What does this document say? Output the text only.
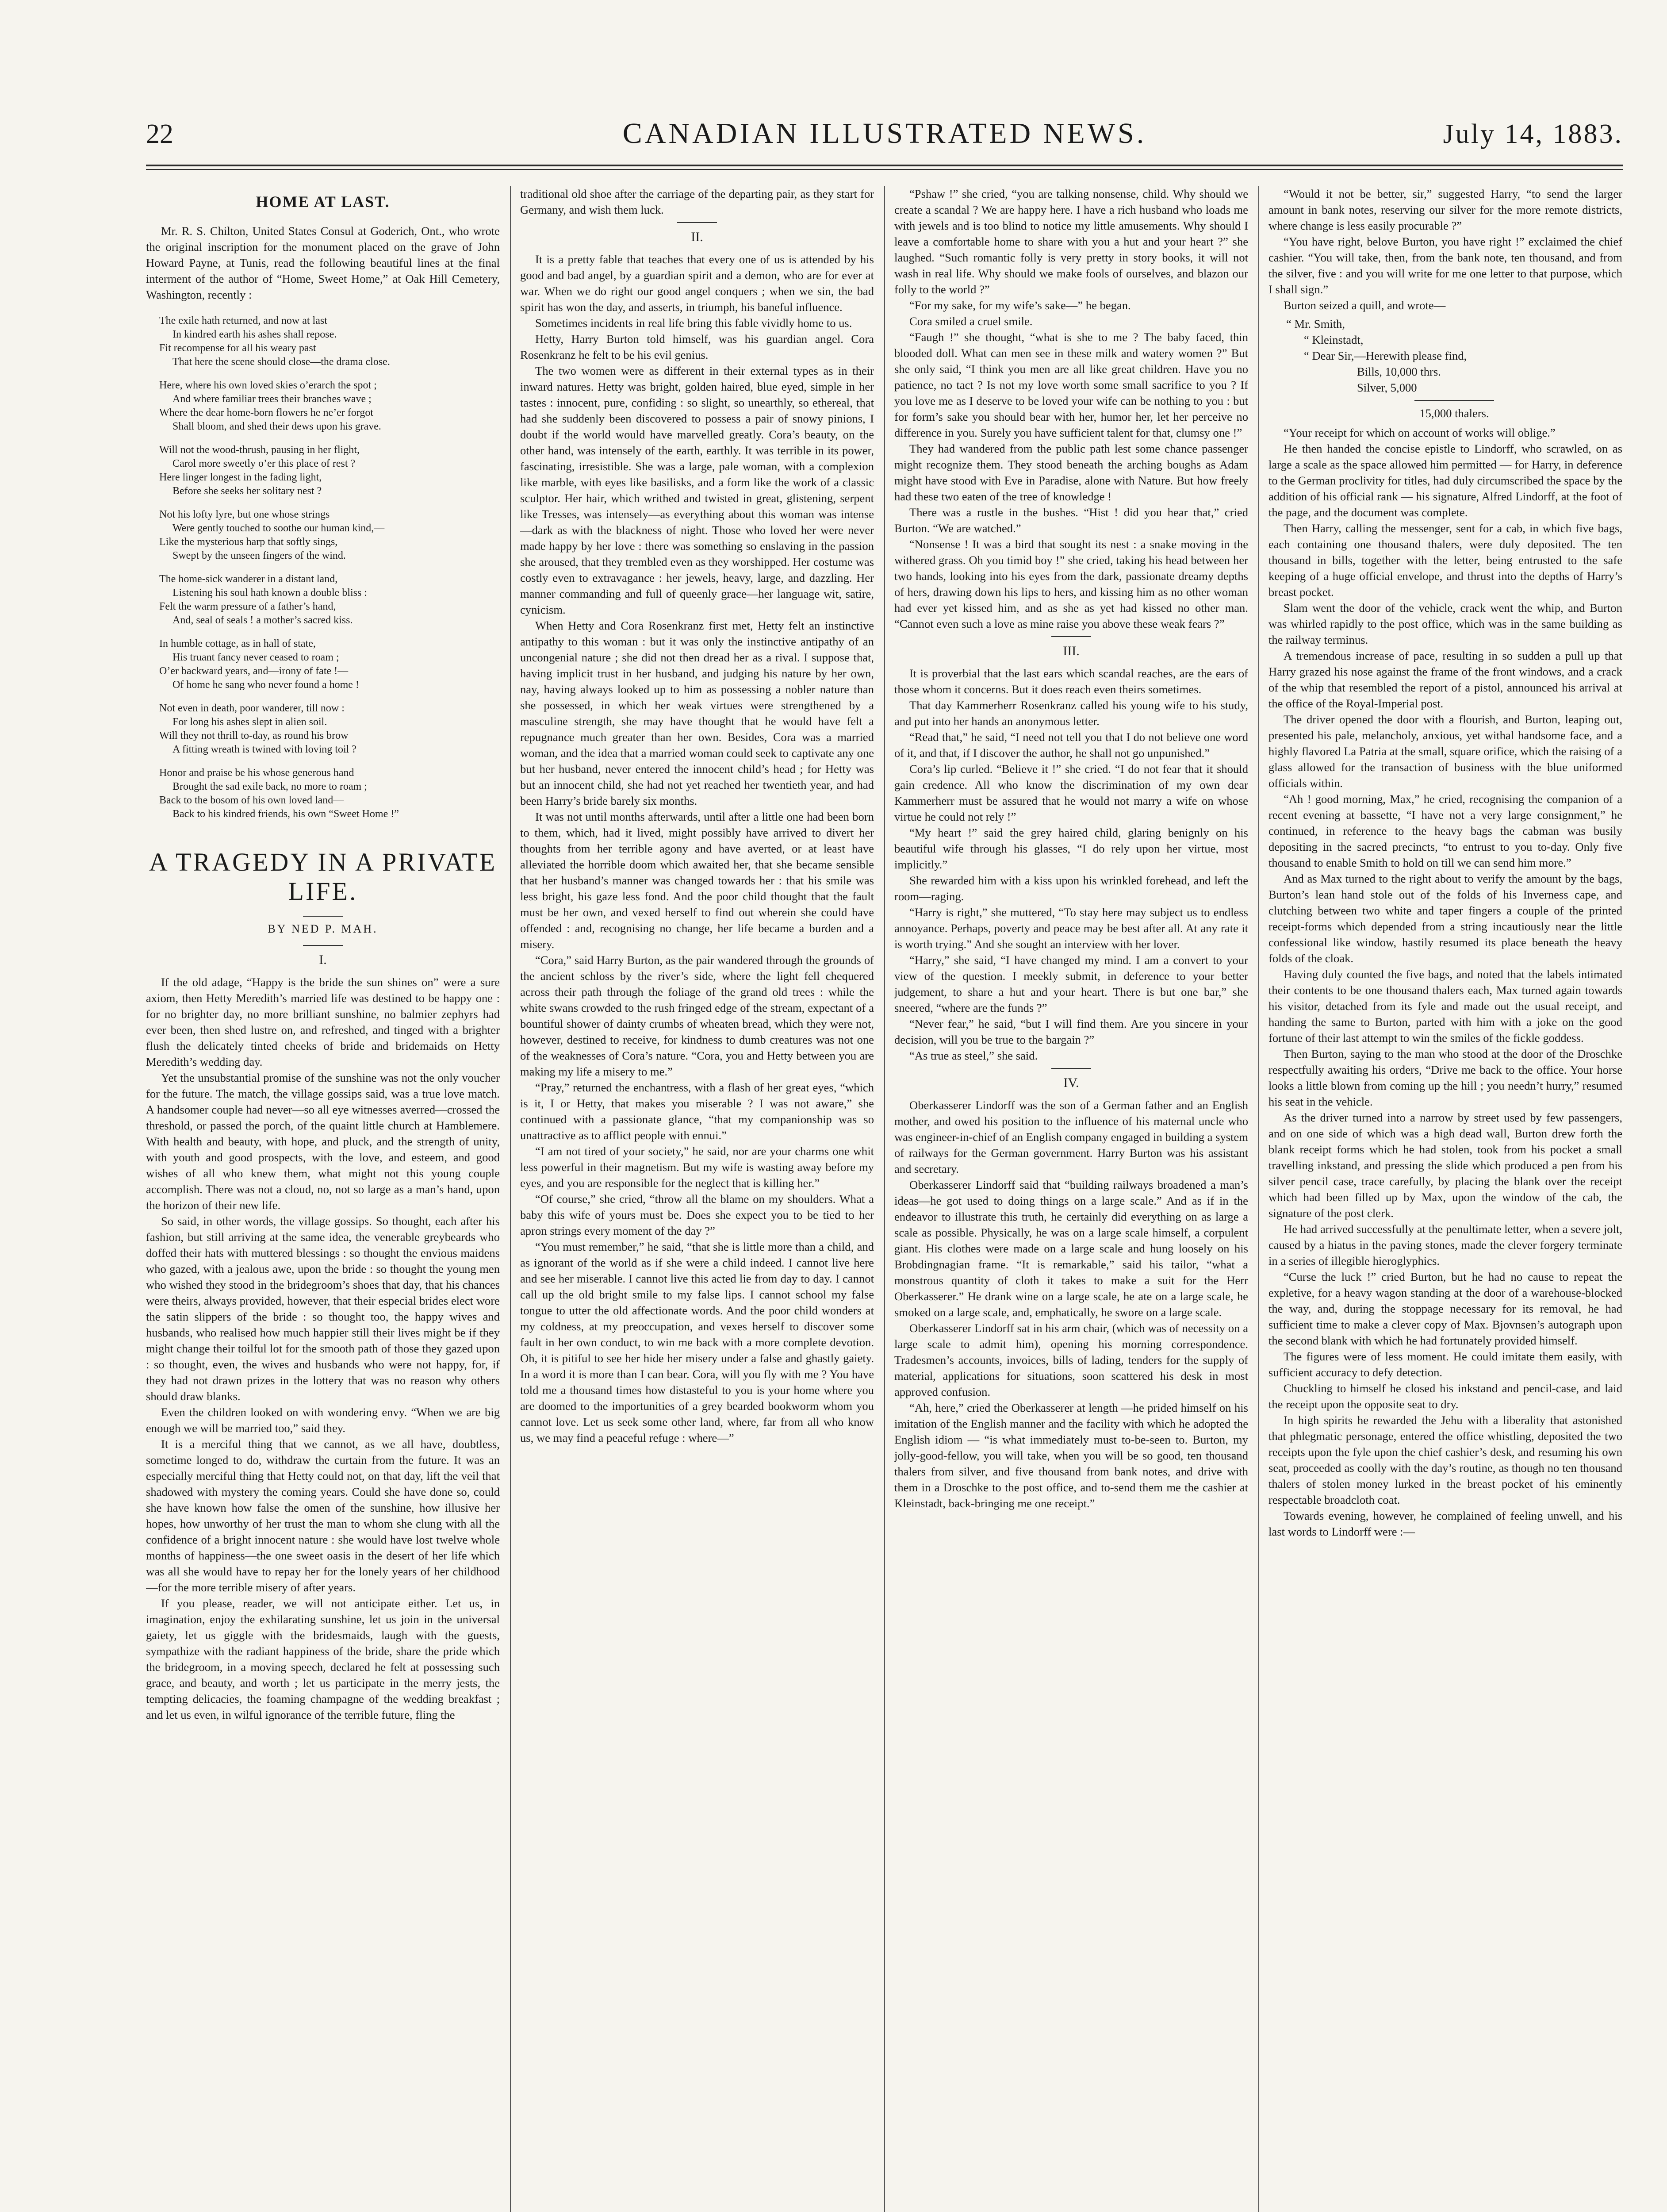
22	CANADIAN ILLUSTRATED NEWS.	July 14, 1883.
HOME AT LAST.

Mr. R. S. Chilton, United States Consul at Goderich, Ont., who wrote the original inscription for the monument placed on the grave of John Howard Payne, at Tunis, read the following beautiful lines at the final interment of the author of “Home, Sweet Home,” at Oak Hill Cemetery, Washington, recently :

The exile hath returned, and now at last
In kindred earth his ashes shall repose.
Fit recompense for all his weary past
That here the scene should close—the drama close.
Here, where his own loved skies o’erarch the spot ;
And where familiar trees their branches wave ;
Where the dear home-born flowers he ne’er forgot
Shall bloom, and shed their dews upon his grave.
Will not the wood-thrush, pausing in her flight,
Carol more sweetly o’er this place of rest ?
Here linger longest in the fading light,
Before she seeks her solitary nest ?
Not his lofty lyre, but one whose strings
Were gently touched to soothe our human kind,—
Like the mysterious harp that softly sings,
Swept by the unseen fingers of the wind.
The home-sick wanderer in a distant land,
Listening his soul hath known a double bliss :
Felt the warm pressure of a father’s hand,
And, seal of seals ! a mother’s sacred kiss.
In humble cottage, as in hall of state,
His truant fancy never ceased to roam ;
O’er backward years, and—irony of fate !—
Of home he sang who never found a home !
Not even in death, poor wanderer, till now :
For long his ashes slept in alien soil.
Will they not thrill to-day, as round his brow
A fitting wreath is twined with loving toil ?
Honor and praise be his whose generous hand
Brought the sad exile back, no more to roam ;
Back to the bosom of his own loved land—
Back to his kindred friends, his own “Sweet Home !”
A TRAGEDY IN A PRIVATE LIFE.
BY NED P. MAH.
I.

If the old adage, “Happy is the bride the sun shines on” were a sure axiom, then Hetty Meredith’s married life was destined to be happy one : for no brighter day, no more brilliant sunshine, no balmier zephyrs had ever been, then shed lustre on, and refreshed, and tinged with a brighter flush the delicately tinted cheeks of bride and bridemaids on Hetty Meredith’s wedding day.

Yet the unsubstantial promise of the sunshine was not the only voucher for the future. The match, the village gossips said, was a true love match. A handsomer couple had never—so all eye witnesses averred—crossed the threshold, or passed the porch, of the quaint little church at Hamblemere. With health and beauty, with hope, and pluck, and the strength of unity, with youth and good prospects, with the love, and esteem, and good wishes of all who knew them, what might not this young couple accomplish. There was not a cloud, no, not so large as a man’s hand, upon the horizon of their new life.

So said, in other words, the village gossips. So thought, each after his fashion, but still arriving at the same idea, the venerable greybeards who doffed their hats with muttered blessings : so thought the envious maidens who gazed, with a jealous awe, upon the bride : so thought the young men who wished they stood in the bridegroom’s shoes that day, that his chances were theirs, always provided, however, that their especial brides elect wore the satin slippers of the bride : so thought too, the happy wives and husbands, who realised how much happier still their lives might be if they might change their toilful lot for the smooth path of those they gazed upon : so thought, even, the wives and husbands who were not happy, for, if they had not drawn prizes in the lottery that was no reason why others should draw blanks.

Even the children looked on with wondering envy. “When we are big enough we will be married too,” said they.

It is a merciful thing that we cannot, as we all have, doubtless, sometime longed to do, withdraw the curtain from the future. It was an especially merciful thing that Hetty could not, on that day, lift the veil that shadowed with mystery the coming years. Could she have done so, could she have known how false the omen of the sunshine, how illusive her hopes, how unworthy of her trust the man to whom she clung with all the confidence of a bright innocent nature : she would have lost twelve whole months of happiness—the one sweet oasis in the desert of her life which was all she would have to repay her for the lonely years of her childhood—for the more terrible misery of after years.

If you please, reader, we will not anticipate either. Let us, in imagination, enjoy the exhilarating sunshine, let us join in the universal gaiety, let us giggle with the bridesmaids, laugh with the guests, sympathize with the radiant happiness of the bride, share the pride which the bridegroom, in a moving speech, declared he felt at possessing such grace, and beauty, and worth ; let us participate in the merry jests, the tempting delicacies, the foaming champagne of the wedding breakfast ; and let us even, in wilful ignorance of the terrible future, fling the

traditional old shoe after the carriage of the departing pair, as they start for Germany, and wish them luck.

II.

It is a pretty fable that teaches that every one of us is attended by his good and bad angel, by a guardian spirit and a demon, who are for ever at war. When we do right our good angel conquers ; when we sin, the bad spirit has won the day, and asserts, in triumph, his baneful influence.

Sometimes incidents in real life bring this fable vividly home to us.

Hetty, Harry Burton told himself, was his guardian angel. Cora Rosenkranz he felt to be his evil genius.

The two women were as different in their external types as in their inward natures. Hetty was bright, golden haired, blue eyed, simple in her tastes : innocent, pure, confiding : so slight, so unearthly, so ethereal, that had she suddenly been discovered to possess a pair of snowy pinions, I doubt if the world would have marvelled greatly. Cora’s beauty, on the other hand, was intensely of the earth, earthly. It was terrible in its power, fascinating, irresistible. She was a large, pale woman, with a complexion like marble, with eyes like basilisks, and a form like the work of a classic sculptor. Her hair, which writhed and twisted in great, glistening, serpent like Tresses, was intensely—as everything about this woman was intense—dark as with the blackness of night. Those who loved her were never made happy by her love : there was something so enslaving in the passion she aroused, that they trembled even as they worshipped. Her costume was costly even to extravagance : her jewels, heavy, large, and dazzling. Her manner commanding and full of queenly grace—her language wit, satire, cynicism.

When Hetty and Cora Rosenkranz first met, Hetty felt an instinctive antipathy to this woman : but it was only the instinctive antipathy of an uncongenial nature ; she did not then dread her as a rival. I suppose that, having implicit trust in her husband, and judging his nature by her own, nay, having always looked up to him as possessing a nobler nature than she possessed, in which her weak virtues were strengthened by a masculine strength, she may have thought that he would have felt a repugnance much greater than her own. Besides, Cora was a married woman, and the idea that a married woman could seek to captivate any one but her husband, never entered the innocent child’s head ; for Hetty was but an innocent child, she had not yet reached her twentieth year, and had been Harry’s bride barely six months.

It was not until months afterwards, until after a little one had been born to them, which, had it lived, might possibly have arrived to divert her thoughts from her terrible agony and have averted, or at least have alleviated the horrible doom which awaited her, that she became sensible that her husband’s manner was changed towards her : that his smile was less bright, his gaze less fond. And the poor child thought that the fault must be her own, and vexed herself to find out wherein she could have offended : and, recognising no change, her life became a burden and a misery.

“Cora,” said Harry Burton, as the pair wandered through the grounds of the ancient schloss by the river’s side, where the light fell chequered across their path through the foliage of the grand old trees : while the white swans crowded to the rush fringed edge of the stream, expectant of a bountiful shower of dainty crumbs of wheaten bread, which they were not, however, destined to receive, for kindness to dumb creatures was not one of the weaknesses of Cora’s nature. “Cora, you and Hetty between you are making my life a misery to me.”

“Pray,” returned the enchantress, with a flash of her great eyes, “which is it, I or Hetty, that makes you miserable ? I was not aware,” she continued with a passionate glance, “that my companionship was so unattractive as to afflict people with ennui.”

“I am not tired of your society,” he said, nor are your charms one whit less powerful in their magnetism. But my wife is wasting away before my eyes, and you are responsible for the neglect that is killing her.”

“Of course,” she cried, “throw all the blame on my shoulders. What a baby this wife of yours must be. Does she expect you to be tied to her apron strings every moment of the day ?”

“You must remember,” he said, “that she is little more than a child, and as ignorant of the world as if she were a child indeed. I cannot live here and see her miserable. I cannot live this acted lie from day to day. I cannot call up the old bright smile to my false lips. I cannot school my false tongue to utter the old affectionate words. And the poor child wonders at my coldness, at my preoccupation, and vexes herself to discover some fault in her own conduct, to win me back with a more complete devotion. Oh, it is pitiful to see her hide her misery under a false and ghastly gaiety. In a word it is more than I can bear. Cora, will you fly with me ? You have told me a thousand times how distasteful to you is your home where you are doomed to the importunities of a grey bearded bookworm whom you cannot love. Let us seek some other land, where, far from all who know us, we may find a peaceful refuge : where—”

“Pshaw !” she cried, “you are talking nonsense, child. Why should we create a scandal ? We are happy here. I have a rich husband who loads me with jewels and is too blind to notice my little amusements. Why should I leave a comfortable home to share with you a hut and your heart ?” she laughed. “Such romantic folly is very pretty in story books, it will not wash in real life. Why should we make fools of ourselves, and blazon our folly to the world ?”

“For my sake, for my wife’s sake—” he began.

Cora smiled a cruel smile.

“Faugh !” she thought, “what is she to me ? The baby faced, thin blooded doll. What can men see in these milk and watery women ?” But she only said, “I think you men are all like great children. Have you no patience, no tact ? Is not my love worth some small sacrifice to you ? If you love me as I deserve to be loved your wife can be nothing to you : but for form’s sake you should bear with her, humor her, let her perceive no difference in you. Surely you have sufficient talent for that, clumsy one !”

They had wandered from the public path lest some chance passenger might recognize them. They stood beneath the arching boughs as Adam might have stood with Eve in Paradise, alone with Nature. But how freely had these two eaten of the tree of knowledge !

There was a rustle in the bushes. “Hist ! did you hear that,” cried Burton. “We are watched.”

“Nonsense ! It was a bird that sought its nest : a snake moving in the withered grass. Oh you timid boy !” she cried, taking his head between her two hands, looking into his eyes from the dark, passionate dreamy depths of hers, drawing down his lips to hers, and kissing him as no other woman had ever yet kissed him, and as she as yet had kissed no other man. “Cannot even such a love as mine raise you above these weak fears ?”

III.

It is proverbial that the last ears which scandal reaches, are the ears of those whom it concerns. But it does reach even theirs sometimes.

That day Kammerherr Rosenkranz called his young wife to his study, and put into her hands an anonymous letter.

“Read that,” he said, “I need not tell you that I do not believe one word of it, and that, if I discover the author, he shall not go unpunished.”

Cora’s lip curled. “Believe it !” she cried. “I do not fear that it should gain credence. All who know the discrimination of my own dear Kammerherr must be assured that he would not marry a wife on whose virtue he could not rely !”

“My heart !” said the grey haired child, glaring benignly on his beautiful wife through his glasses, “I do rely upon her virtue, most implicitly.”

She rewarded him with a kiss upon his wrinkled forehead, and left the room—raging.

“Harry is right,” she muttered, “To stay here may subject us to endless annoyance. Perhaps, poverty and peace may be best after all. At any rate it is worth trying.” And she sought an interview with her lover.

“Harry,” she said, “I have changed my mind. I am a convert to your view of the question. I meekly submit, in deference to your better judgement, to share a hut and your heart. There is but one bar,” she sneered, “where are the funds ?”

“Never fear,” he said, “but I will find them. Are you sincere in your decision, will you be true to the bargain ?”

“As true as steel,” she said.

IV.

Oberkasserer Lindorff was the son of a German father and an English mother, and owed his position to the influence of his maternal uncle who was engineer-in-chief of an English company engaged in building a system of railways for the German government. Harry Burton was his assistant and secretary.

Oberkasserer Lindorff said that “building railways broadened a man’s ideas—he got used to doing things on a large scale.” And as if in the endeavor to illustrate this truth, he certainly did everything on as large a scale as possible. Physically, he was on a large scale himself, a corpulent giant. His clothes were made on a large scale and hung loosely on his Brobdingnagian frame. “It is remarkable,” said his tailor, “what a monstrous quantity of cloth it takes to make a suit for the Herr Oberkasserer.” He drank wine on a large scale, he ate on a large scale, he smoked on a large scale, and, emphatically, he swore on a large scale.

Oberkasserer Lindorff sat in his arm chair, (which was of necessity on a large scale to admit him), opening his morning correspondence. Tradesmen’s accounts, invoices, bills of lading, tenders for the supply of material, applications for situations, soon scattered his desk in most approved confusion.

“Ah, here,” cried the Oberkasserer at length —he prided himself on his imitation of the English manner and the facility with which he adopted the English idiom — “is what immediately must to-be-seen to. Burton, my jolly-good-fellow, you will take, when you will be so good, ten thousand thalers from silver, and five thousand from bank notes, and drive with them in a Droschke to the post office, and to-send them me the cashier at Kleinstadt, back-bringing me one receipt.”

“Would it not be better, sir,” suggested Harry, “to send the larger amount in bank notes, reserving our silver for the more remote districts, where change is less easily procurable ?”

“You have right, belove Burton, you have right !” exclaimed the chief cashier. “You will take, then, from the bank note, ten thousand, and from the silver, five : and you will write for me one letter to that purpose, which I shall sign.”

Burton seized a quill, and wrote—

“ Mr. Smith,
“ Kleinstadt,
“ Dear Sir,—Herewith please find,
Bills, 10,000 thrs.
Silver, 5,000
15,000 thalers.

“Your receipt for which on account of works will oblige.”

He then handed the concise epistle to Lindorff, who scrawled, on as large a scale as the space allowed him permitted — for Harry, in deference to the German proclivity for titles, had duly circumscribed the space by the addition of his official rank — his signature, Alfred Lindorff, at the foot of the page, and the document was complete.

Then Harry, calling the messenger, sent for a cab, in which five bags, each containing one thousand thalers, were duly deposited. The ten thousand in bills, together with the letter, being entrusted to the safe keeping of a huge official envelope, and thrust into the depths of Harry’s breast pocket.

Slam went the door of the vehicle, crack went the whip, and Burton was whirled rapidly to the post office, which was in the same building as the railway terminus.

A tremendous increase of pace, resulting in so sudden a pull up that Harry grazed his nose against the frame of the front windows, and a crack of the whip that resembled the report of a pistol, announced his arrival at the office of the Royal-Imperial post.

The driver opened the door with a flourish, and Burton, leaping out, presented his pale, melancholy, anxious, yet withal handsome face, and a highly flavored La Patria at the small, square orifice, which the raising of a glass allowed for the transaction of business with the blue uniformed officials within.

“Ah ! good morning, Max,” he cried, recognising the companion of a recent evening at bassette, “I have not a very large consignment,” he continued, in reference to the heavy bags the cabman was busily depositing in the sacred precincts, “to entrust to you to-day. Only five thousand to enable Smith to hold on till we can send him more.”

And as Max turned to the right about to verify the amount by the bags, Burton’s lean hand stole out of the folds of his Inverness cape, and clutching between two white and taper fingers a couple of the printed receipt-forms which depended from a string incautiously near the little confessional like window, hastily resumed its place beneath the heavy folds of the cloak.

Having duly counted the five bags, and noted that the labels intimated their contents to be one thousand thalers each, Max turned again towards his visitor, detached from its fyle and made out the usual receipt, and handing the same to Burton, parted with him with a joke on the good fortune of their last attempt to win the smiles of the fickle goddess.

Then Burton, saying to the man who stood at the door of the Droschke respectfully awaiting his orders, “Drive me back to the office. Your horse looks a little blown from coming up the hill ; you needn’t hurry,” resumed his seat in the vehicle.

As the driver turned into a narrow by street used by few passengers, and on one side of which was a high dead wall, Burton drew forth the blank receipt forms which he had stolen, took from his pocket a small travelling inkstand, and pressing the slide which produced a pen from his silver pencil case, trace carefully, by placing the blank over the receipt which had been filled up by Max, upon the window of the cab, the signature of the post clerk.

He had arrived successfully at the penultimate letter, when a severe jolt, caused by a hiatus in the paving stones, made the clever forgery terminate in a series of illegible hieroglyphics.

“Curse the luck !” cried Burton, but he had no cause to repeat the expletive, for a heavy wagon standing at the door of a warehouse-blocked the way, and, during the stoppage necessary for its removal, he had sufficient time to make a clever copy of Max. Bjovnsen’s autograph upon the second blank with which he had fortunately provided himself.

The figures were of less moment. He could imitate them easily, with sufficient accuracy to defy detection.

Chuckling to himself he closed his inkstand and pencil-case, and laid the receipt upon the opposite seat to dry.

In high spirits he rewarded the Jehu with a liberality that astonished that phlegmatic personage, entered the office whistling, deposited the two receipts upon the fyle upon the chief cashier’s desk, and resuming his own seat, proceeded as coolly with the day’s routine, as though no ten thousand thalers of stolen money lurked in the breast pocket of his eminently respectable broadcloth coat.

Towards evening, however, he complained of feeling unwell, and his last words to Lindorff were :—
